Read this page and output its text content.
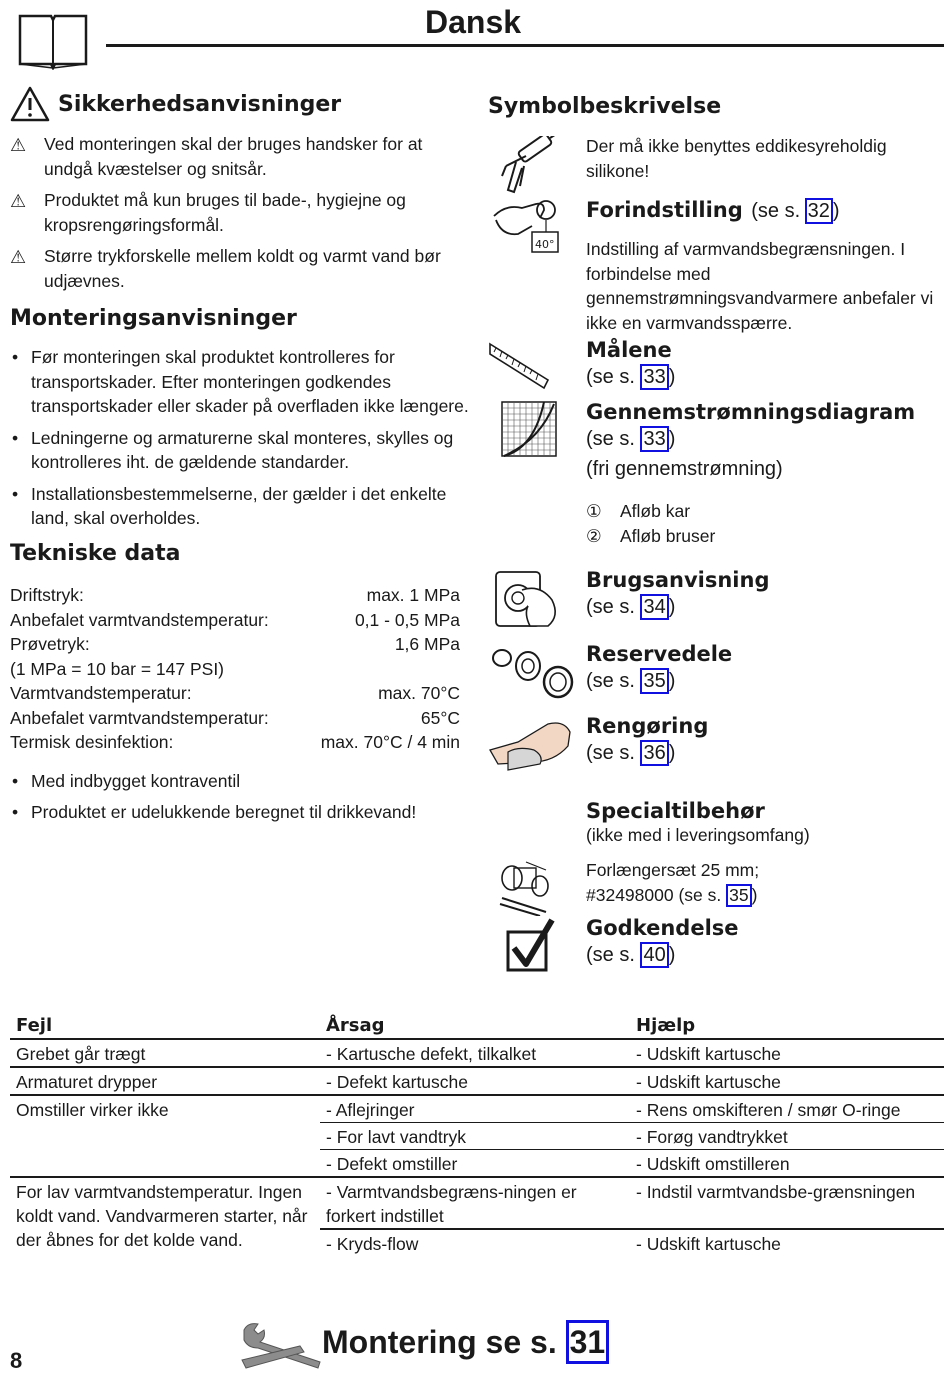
Dansk
Sikkerhedsanvisninger
⚠ Ved monteringen skal der bruges handsker for at undgå kvæstelser og snitsår.
⚠ Produktet må kun bruges til bade-, hygiejne og kropsrengøringsformål.
⚠ Større trykforskelle mellem koldt og varmt vand bør udjævnes.
Monteringsanvisninger
• Før monteringen skal produktet kontrolleres for transportskader. Efter monteringen godkendes transportskader eller skader på overfladen ikke længere.
• Ledningerne og armaturerne skal monteres, skylles og kontrolleres iht. de gældende standarder.
• Installationsbestemmelserne, der gælder i det enkelte land, skal overholdes.
Tekniske data
Driftstryk:	max. 1 MPa
Anbefalet varmtvandstemperatur:	0,1 - 0,5 MPa
Prøvetryk:	1,6 MPa
(1 MPa = 10 bar = 147 PSI)
Varmtvandstemperatur:	max. 70°C
Anbefalet varmtvandstemperatur:	65°C
Termisk desinfektion:	max. 70°C / 4 min
• Med indbygget kontraventil
• Produktet er udelukkende beregnet til drikkevand!
Symbolbeskrivelse
Der må ikke benyttes eddikesyreholdig silikone!
40°
Forindstilling (se s. 32 )
Indstilling af varmvandsbegrænsningen. I forbindelse med gennemstrømningsvandvarmere anbefaler vi ikke en varmvandsspærre.
Målene
(se s. 33 )
Gennemstrømningsdiagram
(se s. 33 )
(fri gennemstrømning)
① Afløb kar
② Afløb bruser
Brugsanvisning
(se s. 34 )
Reservedele
(se s. 35 )
Rengøring
(se s. 36 )
Specialtilbehør
(ikke med i leveringsomfang)
Forlængersæt 25 mm;
#32498000 (se s. 35 )
Godkendelse
(se s. 40 )
Fejl	Årsag	Hjælp
Grebet går trægt	- Kartusche defekt, tilkalket	- Udskift kartusche
Armaturet drypper	- Defekt kartusche	- Udskift kartusche
Omstiller virker ikke	- Aflejringer	- Rens omskifteren / smør O-ringe
	- For lavt vandtryk	- Forøg vandtrykket
	- Defekt omstiller	- Udskift omstilleren
For lav varmtvandstemperatur. Ingen koldt vand. Vandvarmeren starter, når der åbnes for det kolde vand.	- Varmtvandsbegræns-ningen er forkert indstillet	- Indstil varmtvandsbe-grænsningen
	- Kryds-flow	- Udskift kartusche
8
Montering se s. 31
